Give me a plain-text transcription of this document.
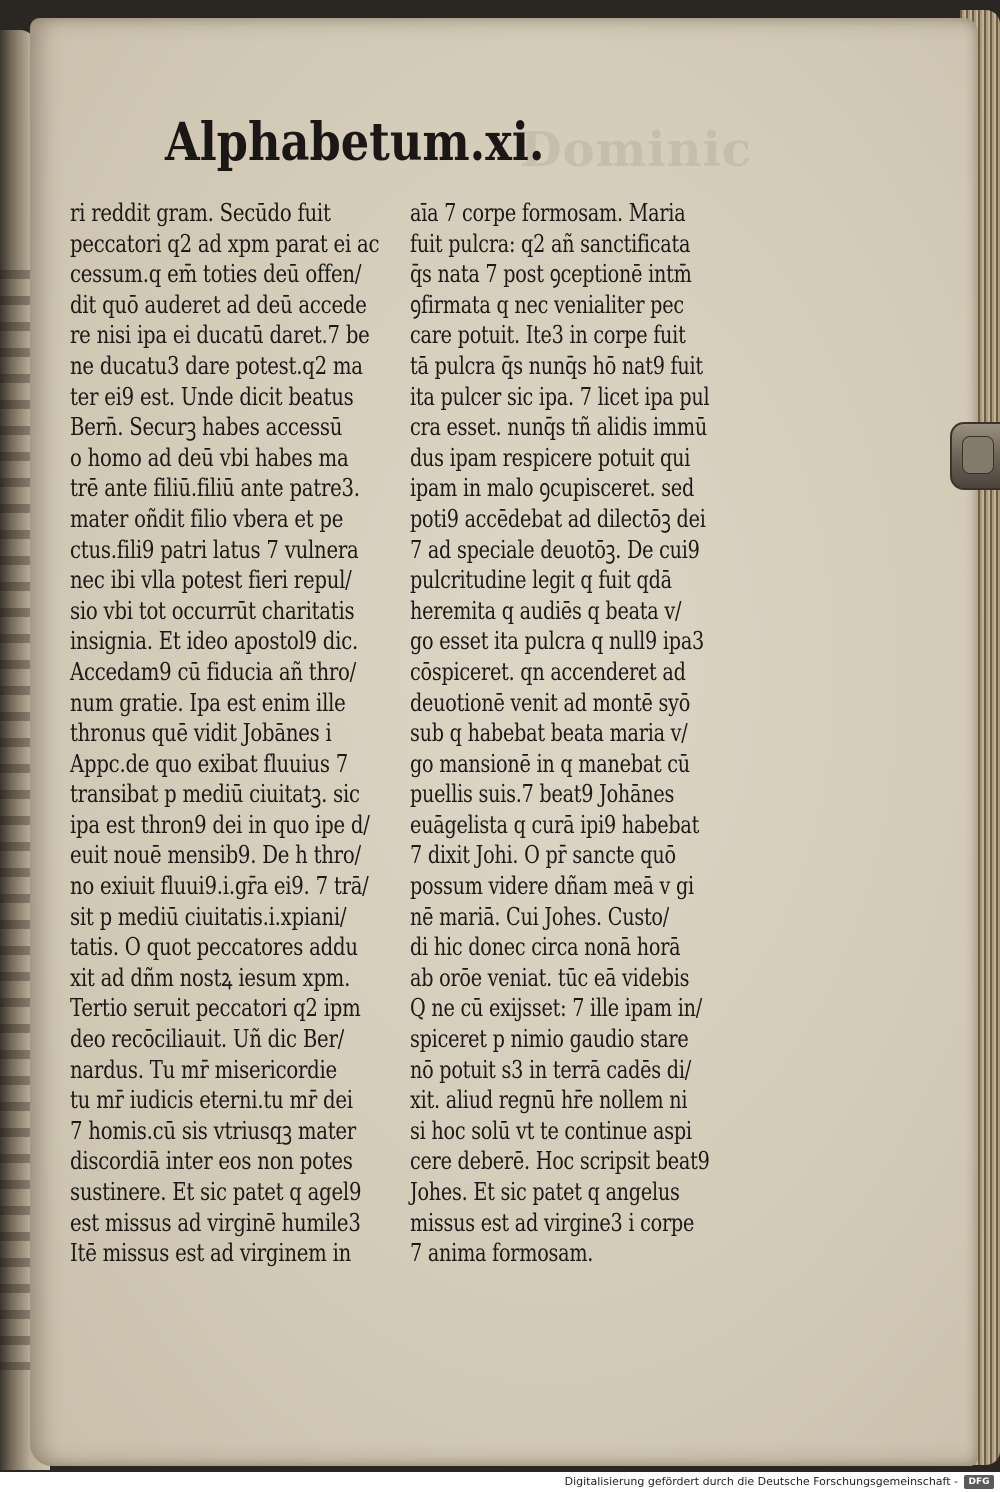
Dominic
Alphabetum.xi.
ri reddit gram. Secūdo fuit
peccatori q2 ad xpm parat ei ac
cessum.q em̄ toties deū offen/
dit quō auderet ad deū accede
re nisi ipa ei ducatū daret.7 be
ne ducatu3 dare potest.q2 ma
ter ei9 est. Unde dicit beatus
Bern̄. Securꝫ habes accessū
o homo ad deū vbi habes ma
trē ante filiū.filiū ante patre3.
mater oñdit filio vbera et pe
ctus.fili9 patri latus 7 vulnera
nec ibi vlla potest fieri repul/
sio vbi tot occurrūt charitatis
insignia. Et ideo apostol9 dic.
Accedam9 cū fiducia añ thro/
num gratie. Ipa est enim ille
thronus quē vidit Jobānes i
Appc.de quo exibat fluuius 7
transibat p mediū ciuitatꝫ. sic
ipa est thron9 dei in quo ipe d/
euit nouē mensib9. De h thro/
no exiuit fluui9.i.gr̄a ei9. 7 trā/
sit p mediū ciuitatis.i.xpiani/
tatis. O quot peccatores addu
xit ad dñm nostꝝ iesum xpm.
Tertio seruit peccatori q2 ipm
deo recōciliauit. Uñ dic Ber/
nardus. Tu mr̄ misericordie
tu mr̄ iudicis eterni.tu mr̄ dei
7 homis.cū sis vtriusqꝫ mater
discordiā inter eos non potes
sustinere. Et sic patet q agel9
est missus ad virginē humile3
Itē missus est ad virginem in
aīa 7 corpe formosam. Maria
fuit pulcra: q2 añ sanctificata
q̄s nata 7 post ꝯceptionē intm̄
ꝯfirmata q nec venialiter pec
care potuit. Ite3 in corpe fuit
tā pulcra q̄s nunq̄s hō nat9 fuit
ita pulcer sic ipa. 7 licet ipa pul
cra esset. nunq̄s tñ alidis immū
dus ipam respicere potuit qui
ipam in malo ꝯcupisceret. sed
poti9 accēdebat ad dilectōꝫ dei
7 ad speciale deuotōꝫ. De cui9
pulcritudine legit q fuit qdā
heremita q audiēs q beata v/
go esset ita pulcra q null9 ipa3
cōspiceret. qn accenderet ad
deuotionē venit ad montē syō
sub q habebat beata maria v/
go mansionē in q manebat cū
puellis suis.7 beat9 Johānes
euāgelista q curā ipi9 habebat
7 dixit Johi. O pr̄ sancte quō
possum videre dñam meā v gi
nē mariā. Cui Johes. Custo/
di hic donec circa nonā horā
ab orōe veniat. tūc eā videbis
Q ne cū exijsset: 7 ille ipam in/
spiceret p nimio gaudio stare
nō potuit s3 in terrā cadēs di/
xit. aliud regnū hr̄e nollem ni
si hoc solū vt te continue aspi
cere deberē. Hoc scripsit beat9
Johes. Et sic patet q angelus
missus est ad virgine3 i corpe
7 anima formosam.
Digitalisierung gefördert durch die Deutsche Forschungsgemeinschaft -	DFG
